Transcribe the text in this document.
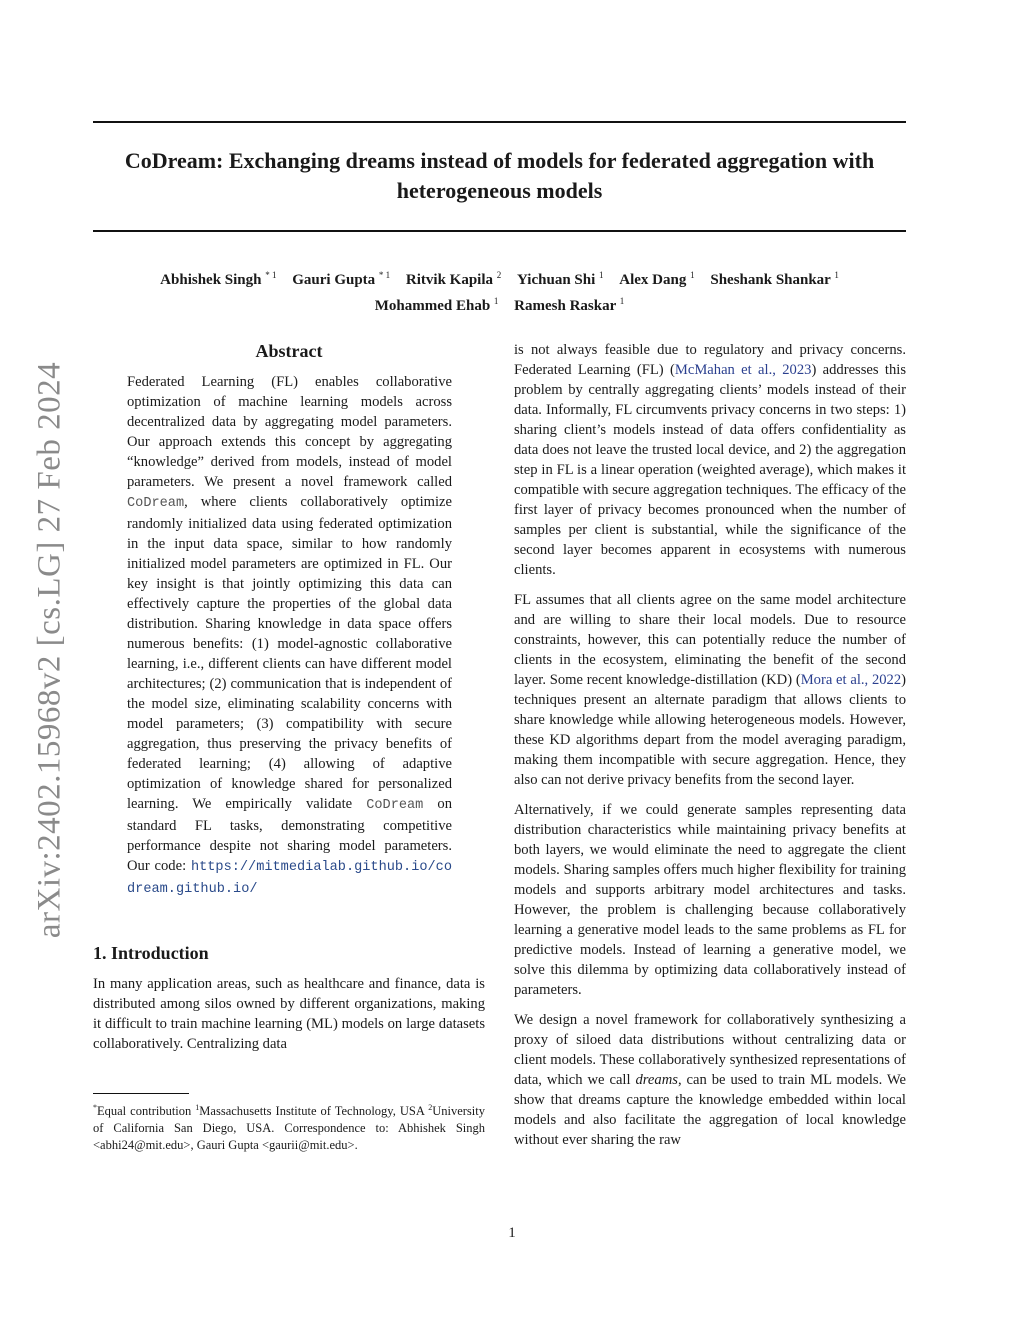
arXiv:2402.15968v2 [cs.LG] 27 Feb 2024
CoDream: Exchanging dreams instead of models for federated aggregation with heterogeneous models
Abhishek Singh $^{* 1}$ Gauri Gupta $^{* 1}$ Ritvik Kapila $^2$ Yichuan Shi $^1$ Alex Dang $^1$ Sheshank Shankar $^1$
Mohammed Ehab $^1$ Ramesh Raskar $^1$
Abstract

Federated Learning (FL) enables collaborative optimization of machine learning models across decentralized data by aggregating model parameters. Our approach extends this concept by aggregating “knowledge” derived from models, instead of model parameters. We present a novel framework called CoDream, where clients collaboratively optimize randomly initialized data using federated optimization in the input data space, similar to how randomly initialized model parameters are optimized in FL. Our key insight is that jointly optimizing this data can effectively capture the properties of the global data distribution. Sharing knowledge in data space offers numerous benefits: (1) model-agnostic collaborative learning, i.e., different clients can have different model architectures; (2) communication that is independent of the model size, eliminating scalability concerns with model parameters; (3) compatibility with secure aggregation, thus preserving the privacy benefits of federated learning; (4) allowing of adaptive optimization of knowledge shared for personalized learning. We empirically validate CoDream on standard FL tasks, demonstrating competitive performance despite not sharing model parameters. Our code: https://mitmedialab.github.io/codream.github.io/

1. Introduction

In many application areas, such as healthcare and finance, data is distributed among silos owned by different organizations, making it difficult to train machine learning (ML) models on large datasets collaboratively. Centralizing data

is not always feasible due to regulatory and privacy concerns. Federated Learning (FL) (McMahan et al., 2023) addresses this problem by centrally aggregating clients’ models instead of their data. Informally, FL circumvents privacy concerns in two steps: 1) sharing client’s models instead of data offers confidentiality as data does not leave the trusted local device, and 2) the aggregation step in FL is a linear operation (weighted average), which makes it compatible with secure aggregation techniques. The efficacy of the first layer of privacy becomes pronounced when the number of samples per client is substantial, while the significance of the second layer becomes apparent in ecosystems with numerous clients.

FL assumes that all clients agree on the same model architecture and are willing to share their local models. Due to resource constraints, however, this can potentially reduce the number of clients in the ecosystem, eliminating the benefit of the second layer. Some recent knowledge-distillation (KD) (Mora et al., 2022) techniques present an alternate paradigm that allows clients to share knowledge while allowing heterogeneous models. However, these KD algorithms depart from the model averaging paradigm, making them incompatible with secure aggregation. Hence, they also can not derive privacy benefits from the second layer.

Alternatively, if we could generate samples representing data distribution characteristics while maintaining privacy benefits at both layers, we would eliminate the need to aggregate the client models. Sharing samples offers much higher flexibility for training models and supports arbitrary model architectures and tasks. However, the problem is challenging because collaboratively learning a generative model leads to the same problems as FL for predictive models. Instead of learning a generative model, we solve this dilemma by optimizing data collaboratively instead of parameters.

We design a novel framework for collaboratively synthesizing a proxy of siloed data distributions without centralizing data or client models. These collaboratively synthesized representations of data, which we call dreams, can be used to train ML models. We show that dreams capture the knowledge embedded within local models and also facilitate the aggregation of local knowledge without ever sharing the raw

*Equal contribution $^1$Massachusetts Institute of Technology, USA $^2$University of California San Diego, USA. Correspondence to: Abhishek Singh <abhi24@mit.edu>, Gauri Gupta <gaurii@mit.edu>.
1
